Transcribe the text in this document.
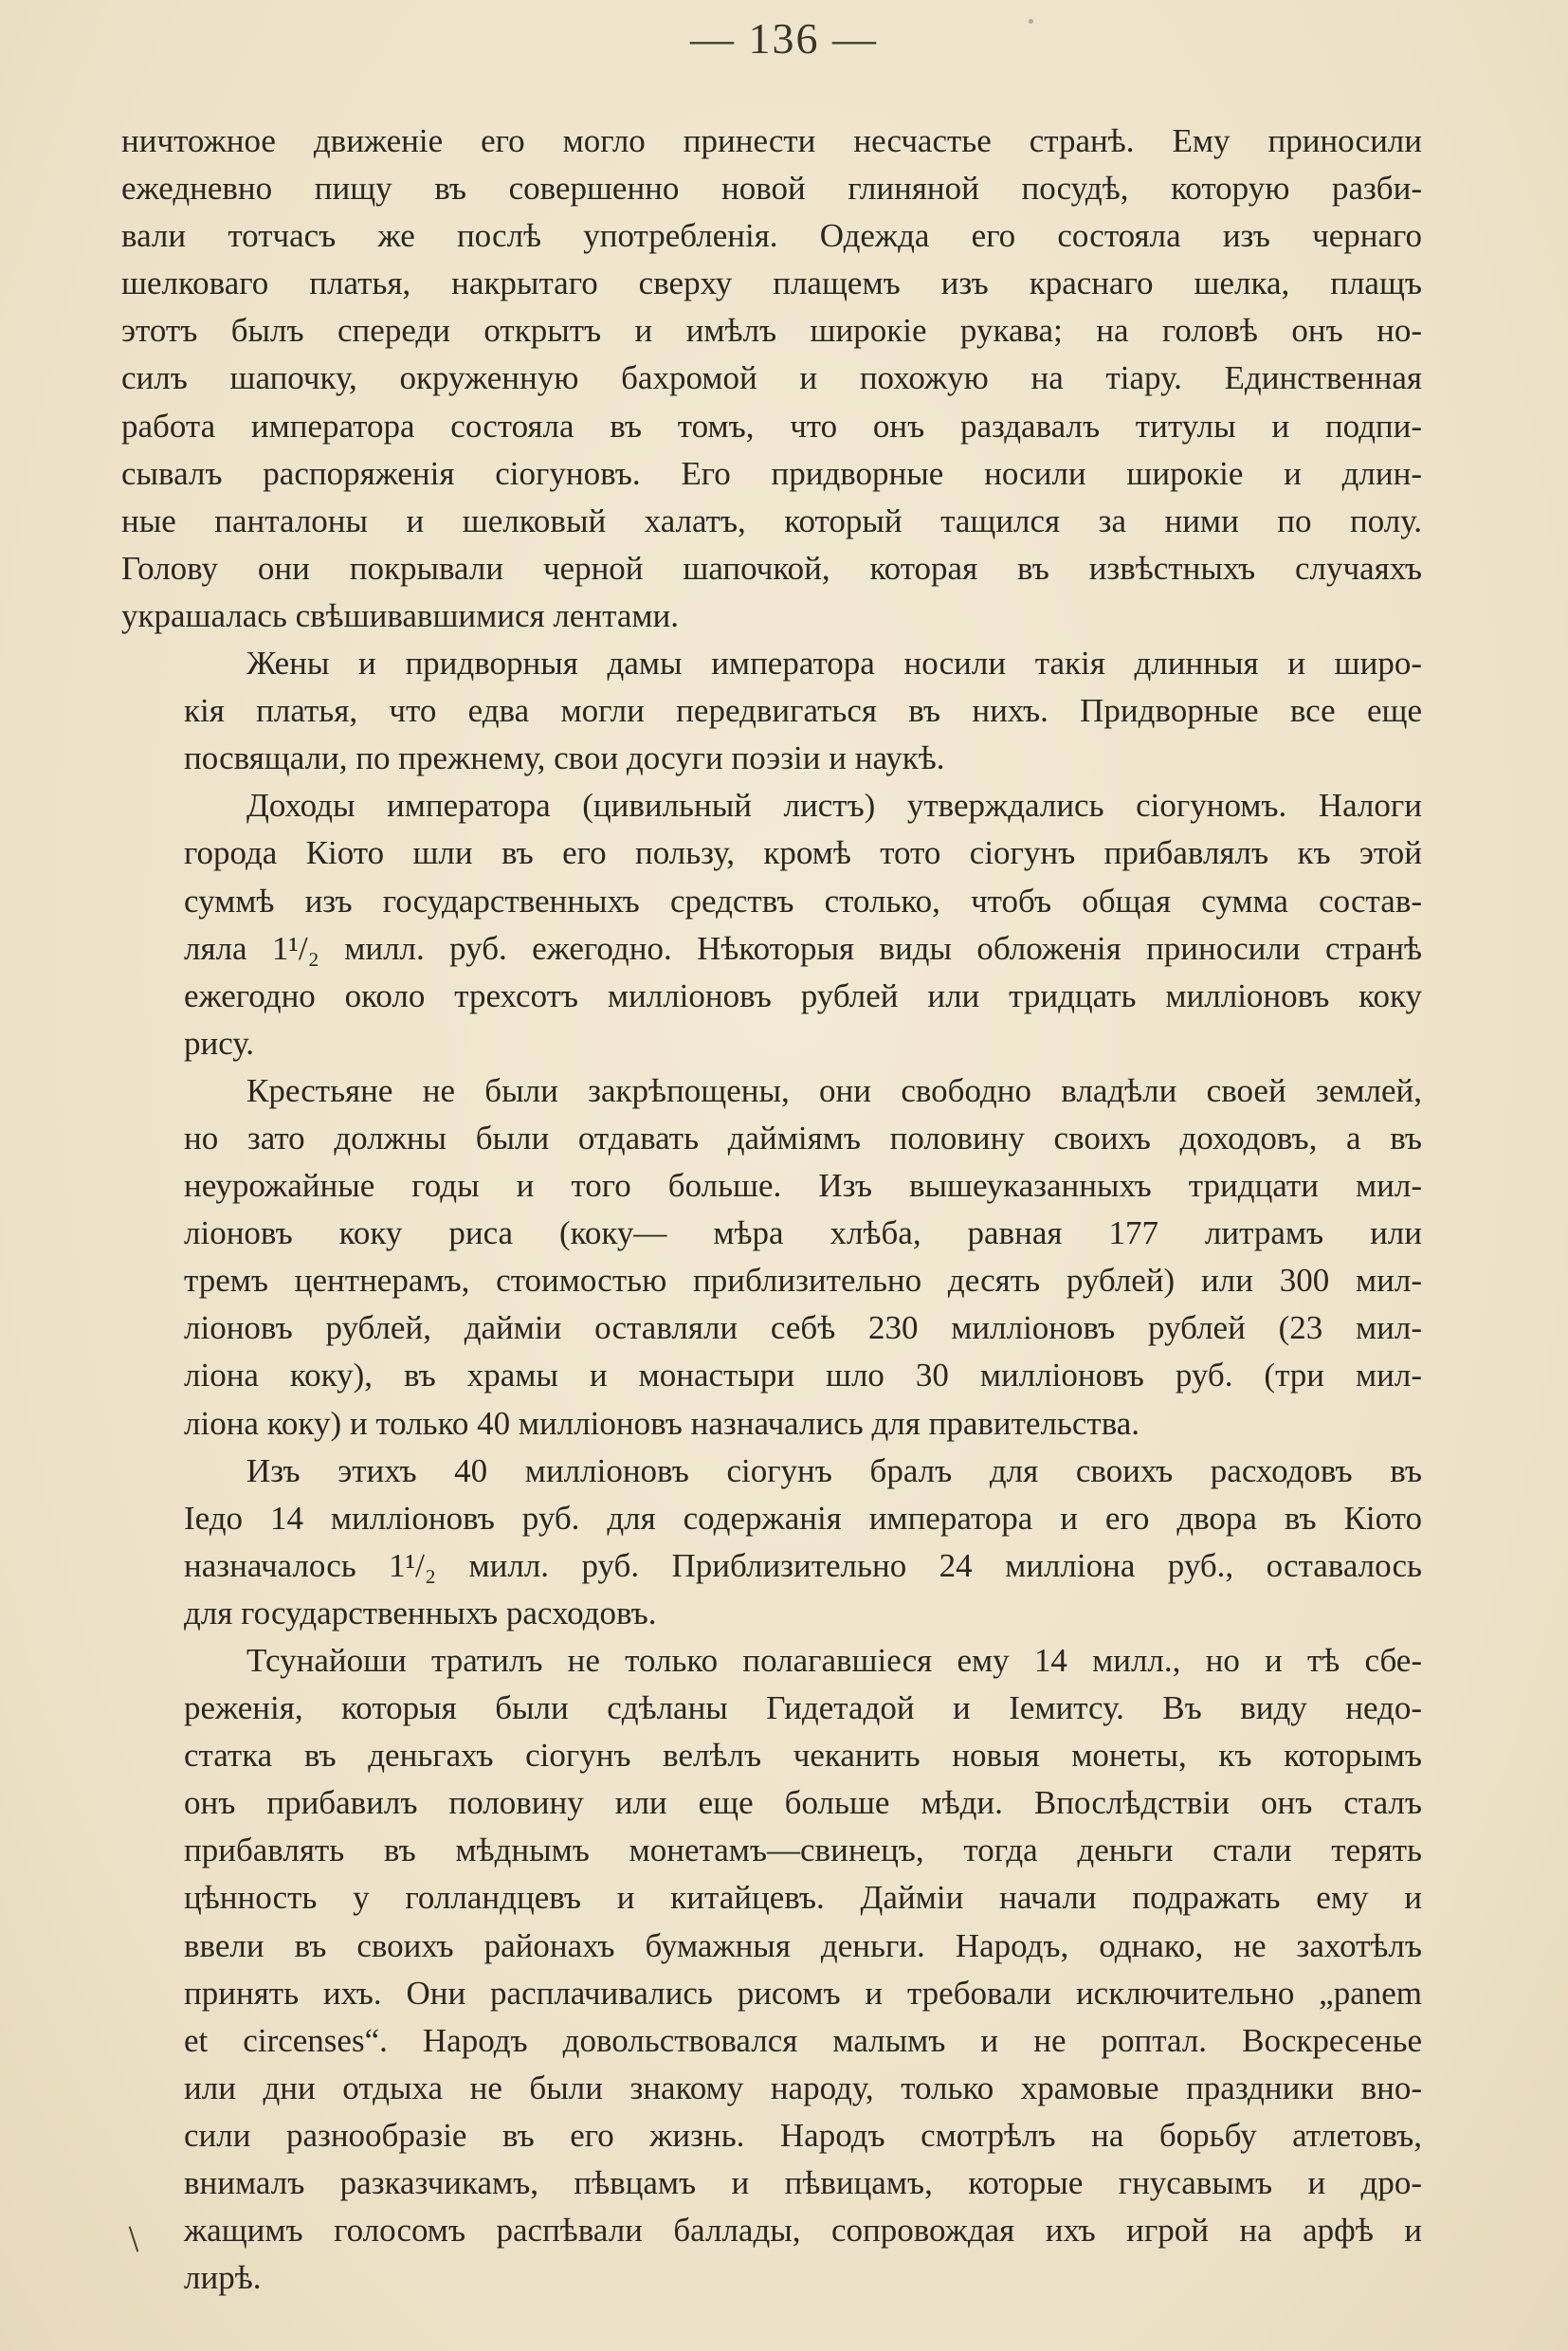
— 136 —
ничтожное движеніе его могло принести несчастье странѣ. Ему приносили
ежедневно пищу въ совершенно новой глиняной посудѣ, которую разби-
вали тотчасъ же послѣ употребленія. Одежда его состояла изъ чернаго
шелковаго платья, накрытаго сверху плащемъ изъ краснаго шелка, плащъ
этотъ былъ спереди открытъ и имѣлъ широкіе рукава; на головѣ онъ но-
силъ шапочку, окруженную бахромой и похожую на тіару. Единственная
работа императора состояла въ томъ, что онъ раздавалъ титулы и подпи-
сывалъ распоряженія сіогуновъ. Его придворные носили широкіе и длин-
ные панталоны и шелковый халатъ, который тащился за ними по полу.
Голову они покрывали черной шапочкой, которая въ извѣстныхъ случаяхъ
украшалась свѣшивавшимися лентами.
Жены и придворныя дамы императора носили такія длинныя и широ-
кія платья, что едва могли передвигаться въ нихъ. Придворные все еще
посвящали, по прежнему, свои досуги поэзіи и наукѣ.
Доходы императора (цивильный листъ) утверждались сіогуномъ. Налоги
города Кіото шли въ его пользу, кромѣ тото сіогунъ прибавлялъ къ этой
суммѣ изъ государственныхъ средствъ столько, чтобъ общая сумма состав-
ляла 1¹/₂ милл. руб. ежегодно. Нѣкоторыя виды обложенія приносили странѣ
ежегодно около трехсотъ милліоновъ рублей или тридцать милліоновъ коку
рису.
Крестьяне не были закрѣпощены, они свободно владѣли своей землей,
но зато должны были отдавать дайміямъ половину своихъ доходовъ, а въ
неурожайные годы и того больше. Изъ вышеуказанныхъ тридцати мил-
ліоновъ коку риса (коку— мѣра хлѣба, равная 177 литрамъ или
тремъ центнерамъ, стоимостью приблизительно десять рублей) или 300 мил-
ліоновъ рублей, дайміи оставляли себѣ 230 милліоновъ рублей (23 мил-
ліона коку), въ храмы и монастыри шло 30 милліоновъ руб. (три мил-
ліона коку) и только 40 милліоновъ назначались для правительства.
Изъ этихъ 40 милліоновъ сіогунъ бралъ для своихъ расходовъ въ
Іедо 14 милліоновъ руб. для содержанія императора и его двора въ Кіото
назначалось 1¹/₂ милл. руб. Приблизительно 24 милліона руб., оставалось
для государственныхъ расходовъ.
Тсунайоши тратилъ не только полагавшіеся ему 14 милл., но и тѣ сбе-
реженія, которыя были сдѣланы Гидетадой и Іемитсу. Въ виду недо-
статка въ деньгахъ сіогунъ велѣлъ чеканить новыя монеты, къ которымъ
онъ прибавилъ половину или еще больше мѣди. Впослѣдствіи онъ сталъ
прибавлять въ мѣднымъ монетамъ—свинецъ, тогда деньги стали терять
цѣнность у голландцевъ и китайцевъ. Дайміи начали подражать ему и
ввели въ своихъ районахъ бумажныя деньги. Народъ, однако, не захотѣлъ
принять ихъ. Они расплачивались рисомъ и требовали исключительно „panem
et circenses“. Народъ довольствовался малымъ и не роптал. Воскресенье
или дни отдыха не были знакому народу, только храмовые праздники вно-
сили разнообразіе въ его жизнь. Народъ смотрѣлъ на борьбу атлетовъ,
внималъ разказчикамъ, пѣвцамъ и пѣвицамъ, которые гнусавымъ и дро-
жащимъ голосомъ распѣвали баллады, сопровождая ихъ игрой на арфѣ и
лирѣ.
